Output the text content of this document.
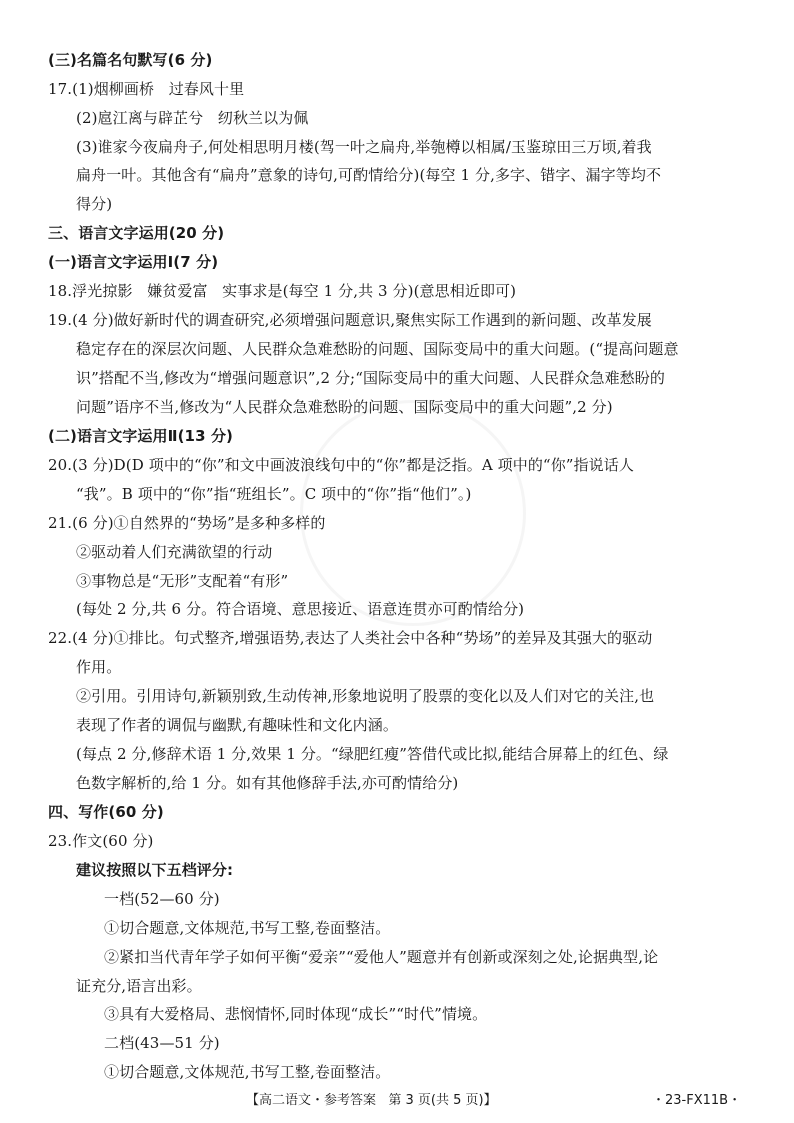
(三)名篇名句默写(6 分)
17.(1)烟柳画桥   过春风十里
(2)扈江离与辟芷兮   纫秋兰以为佩
(3)谁家今夜扁舟子,何处相思明月楼(驾一叶之扁舟,举匏樽以相属/玉鉴琼田三万顷,着我
扁舟一叶。其他含有“扁舟”意象的诗句,可酌情给分)(每空 1 分,多字、错字、漏字等均不
得分)
三、语言文字运用(20 分)
(一)语言文字运用Ⅰ(7 分)
18.浮光掠影   嫌贫爱富   实事求是(每空 1 分,共 3 分)(意思相近即可)
19.(4 分)做好新时代的调查研究,必须增强问题意识,聚焦实际工作遇到的新问题、改革发展
稳定存在的深层次问题、人民群众急难愁盼的问题、国际变局中的重大问题。(“提高问题意
识”搭配不当,修改为“增强问题意识”,2 分;“国际变局中的重大问题、人民群众急难愁盼的
问题”语序不当,修改为“人民群众急难愁盼的问题、国际变局中的重大问题”,2 分)
(二)语言文字运用Ⅱ(13 分)
20.(3 分)D(D 项中的“你”和文中画波浪线句中的“你”都是泛指。A 项中的“你”指说话人
“我”。B 项中的“你”指“班组长”。C 项中的“你”指“他们”。)
21.(6 分)①自然界的“势场”是多种多样的
②驱动着人们充满欲望的行动
③事物总是“无形”支配着“有形”
(每处 2 分,共 6 分。符合语境、意思接近、语意连贯亦可酌情给分)
22.(4 分)①排比。句式整齐,增强语势,表达了人类社会中各种“势场”的差异及其强大的驱动
作用。
②引用。引用诗句,新颖别致,生动传神,形象地说明了股票的变化以及人们对它的关注,也
表现了作者的调侃与幽默,有趣味性和文化内涵。
(每点 2 分,修辞术语 1 分,效果 1 分。“绿肥红瘦”答借代或比拟,能结合屏幕上的红色、绿
色数字解析的,给 1 分。如有其他修辞手法,亦可酌情给分)
四、写作(60 分)
23.作文(60 分)
建议按照以下五档评分:
一档(52—60 分)
①切合题意,文体规范,书写工整,卷面整洁。
②紧扣当代青年学子如何平衡“爱亲”“爱他人”题意并有创新或深刻之处,论据典型,论
证充分,语言出彩。
③具有大爱格局、悲悯情怀,同时体现“成长”“时代”情境。
二档(43—51 分)
①切合题意,文体规范,书写工整,卷面整洁。
【高二语文・参考答案   第 3 页(共 5 页)】	・23-FX11B・
